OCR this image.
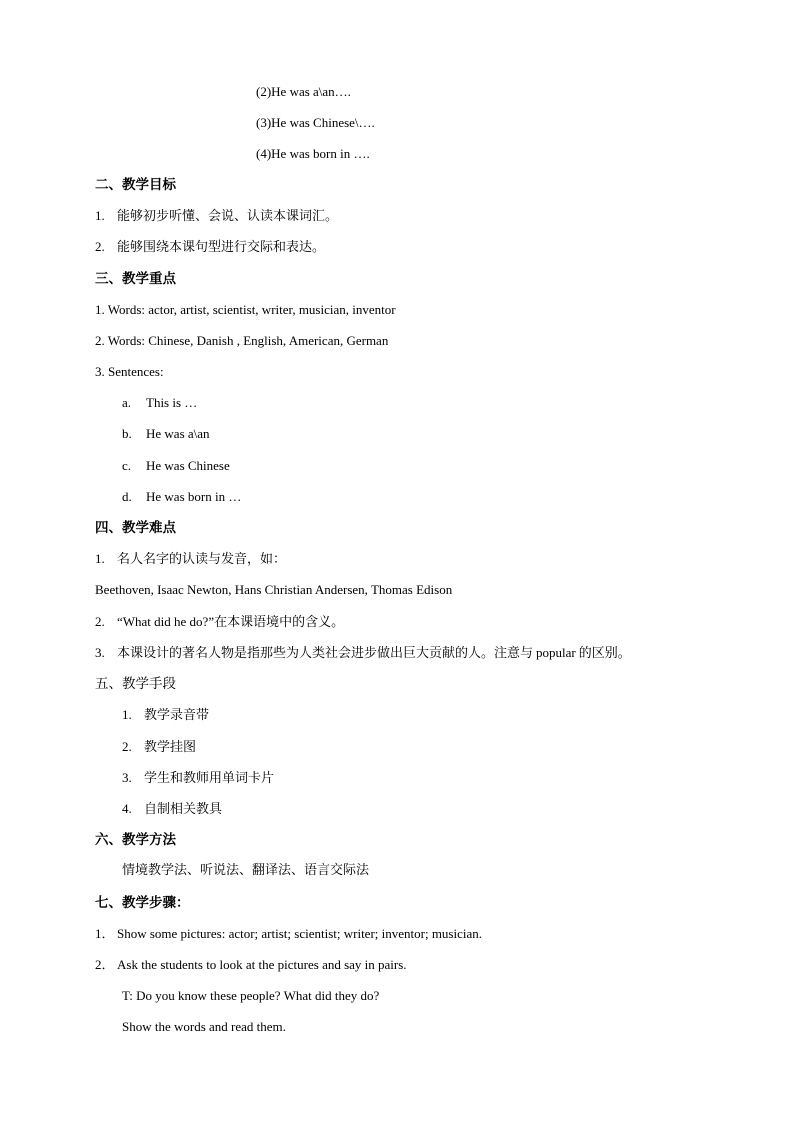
(2)He was a\an….
(3)He was Chinese\….
(4)He was born in ….
二、教学目标
1. 能够初步听懂、会说、认读本课词汇。
2. 能够围绕本课句型进行交际和表达。
三、教学重点
1. Words: actor, artist, scientist, writer, musician, inventor
2. Words: Chinese, Danish , English, American, German
3. Sentences:
a. This is …
b. He was a\an
c. He was Chinese
d. He was born in …
四、教学难点
1. 名人名字的认读与发音，如：
Beethoven, Isaac Newton, Hans Christian Andersen, Thomas Edison
2. “What did he do?”在本课语境中的含义。
3. 本课设计的著名人物是指那些为人类社会进步做出巨大贡献的人。注意与 popular 的区别。
五、教学手段
1. 教学录音带
2. 教学挂图
3. 学生和教师用单词卡片
4. 自制相关教具
六、教学方法
情境教学法、听说法、翻译法、语言交际法
七、教学步骤：
1． Show some pictures: actor; artist; scientist; writer; inventor; musician.
2． Ask the students to look at the pictures and say in pairs.
T: Do you know these people? What did they do?
Show the words and read them.
